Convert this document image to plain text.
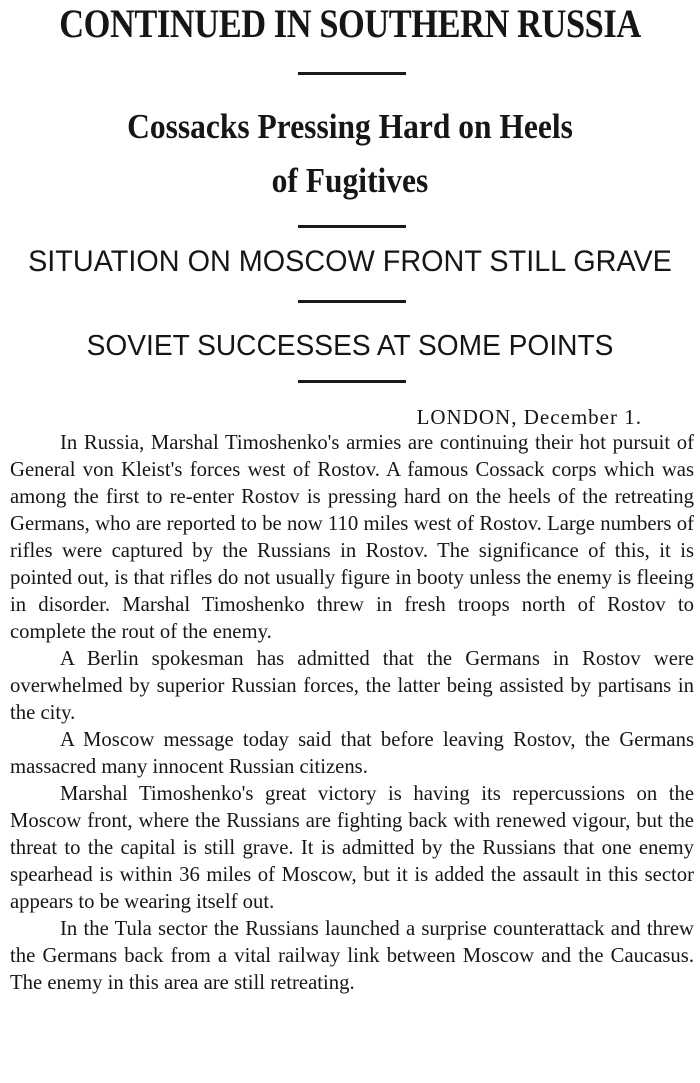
CONTINUED IN SOUTHERN RUSSIA
Cossacks Pressing Hard on Heels
of Fugitives
SITUATION ON MOSCOW FRONT STILL GRAVE
SOVIET SUCCESSES AT SOME POINTS
LONDON, December 1.

In Russia, Marshal Timoshenko's armies are continuing their hot pursuit of General von Kleist's forces west of Rostov. A famous Cossack corps which was among the first to re-enter Rostov is pressing hard on the heels of the retreating Germans, who are reported to be now 110 miles west of Rostov. Large numbers of rifles were captured by the Russians in Rostov. The significance of this, it is pointed out, is that rifles do not usually figure in booty unless the enemy is fleeing in disorder. Marshal Timoshenko threw in fresh troops north of Rostov to complete the rout of the enemy.

A Berlin spokesman has admitted that the Germans in Rostov were overwhelmed by superior Russian forces, the latter being assisted by partisans in the city.

A Moscow message today said that before leaving Rostov, the Germans massacred many innocent Russian citizens.

Marshal Timoshenko's great victory is having its repercussions on the Moscow front, where the Russians are fighting back with renewed vigour, but the threat to the capital is still grave. It is admitted by the Russians that one enemy spearhead is within 36 miles of Moscow, but it is added the assault in this sector appears to be wearing itself out.

In the Tula sector the Russians launched a surprise counterattack and threw the Germans back from a vital railway link between Moscow and the Caucasus. The enemy in this area are still retreating.
